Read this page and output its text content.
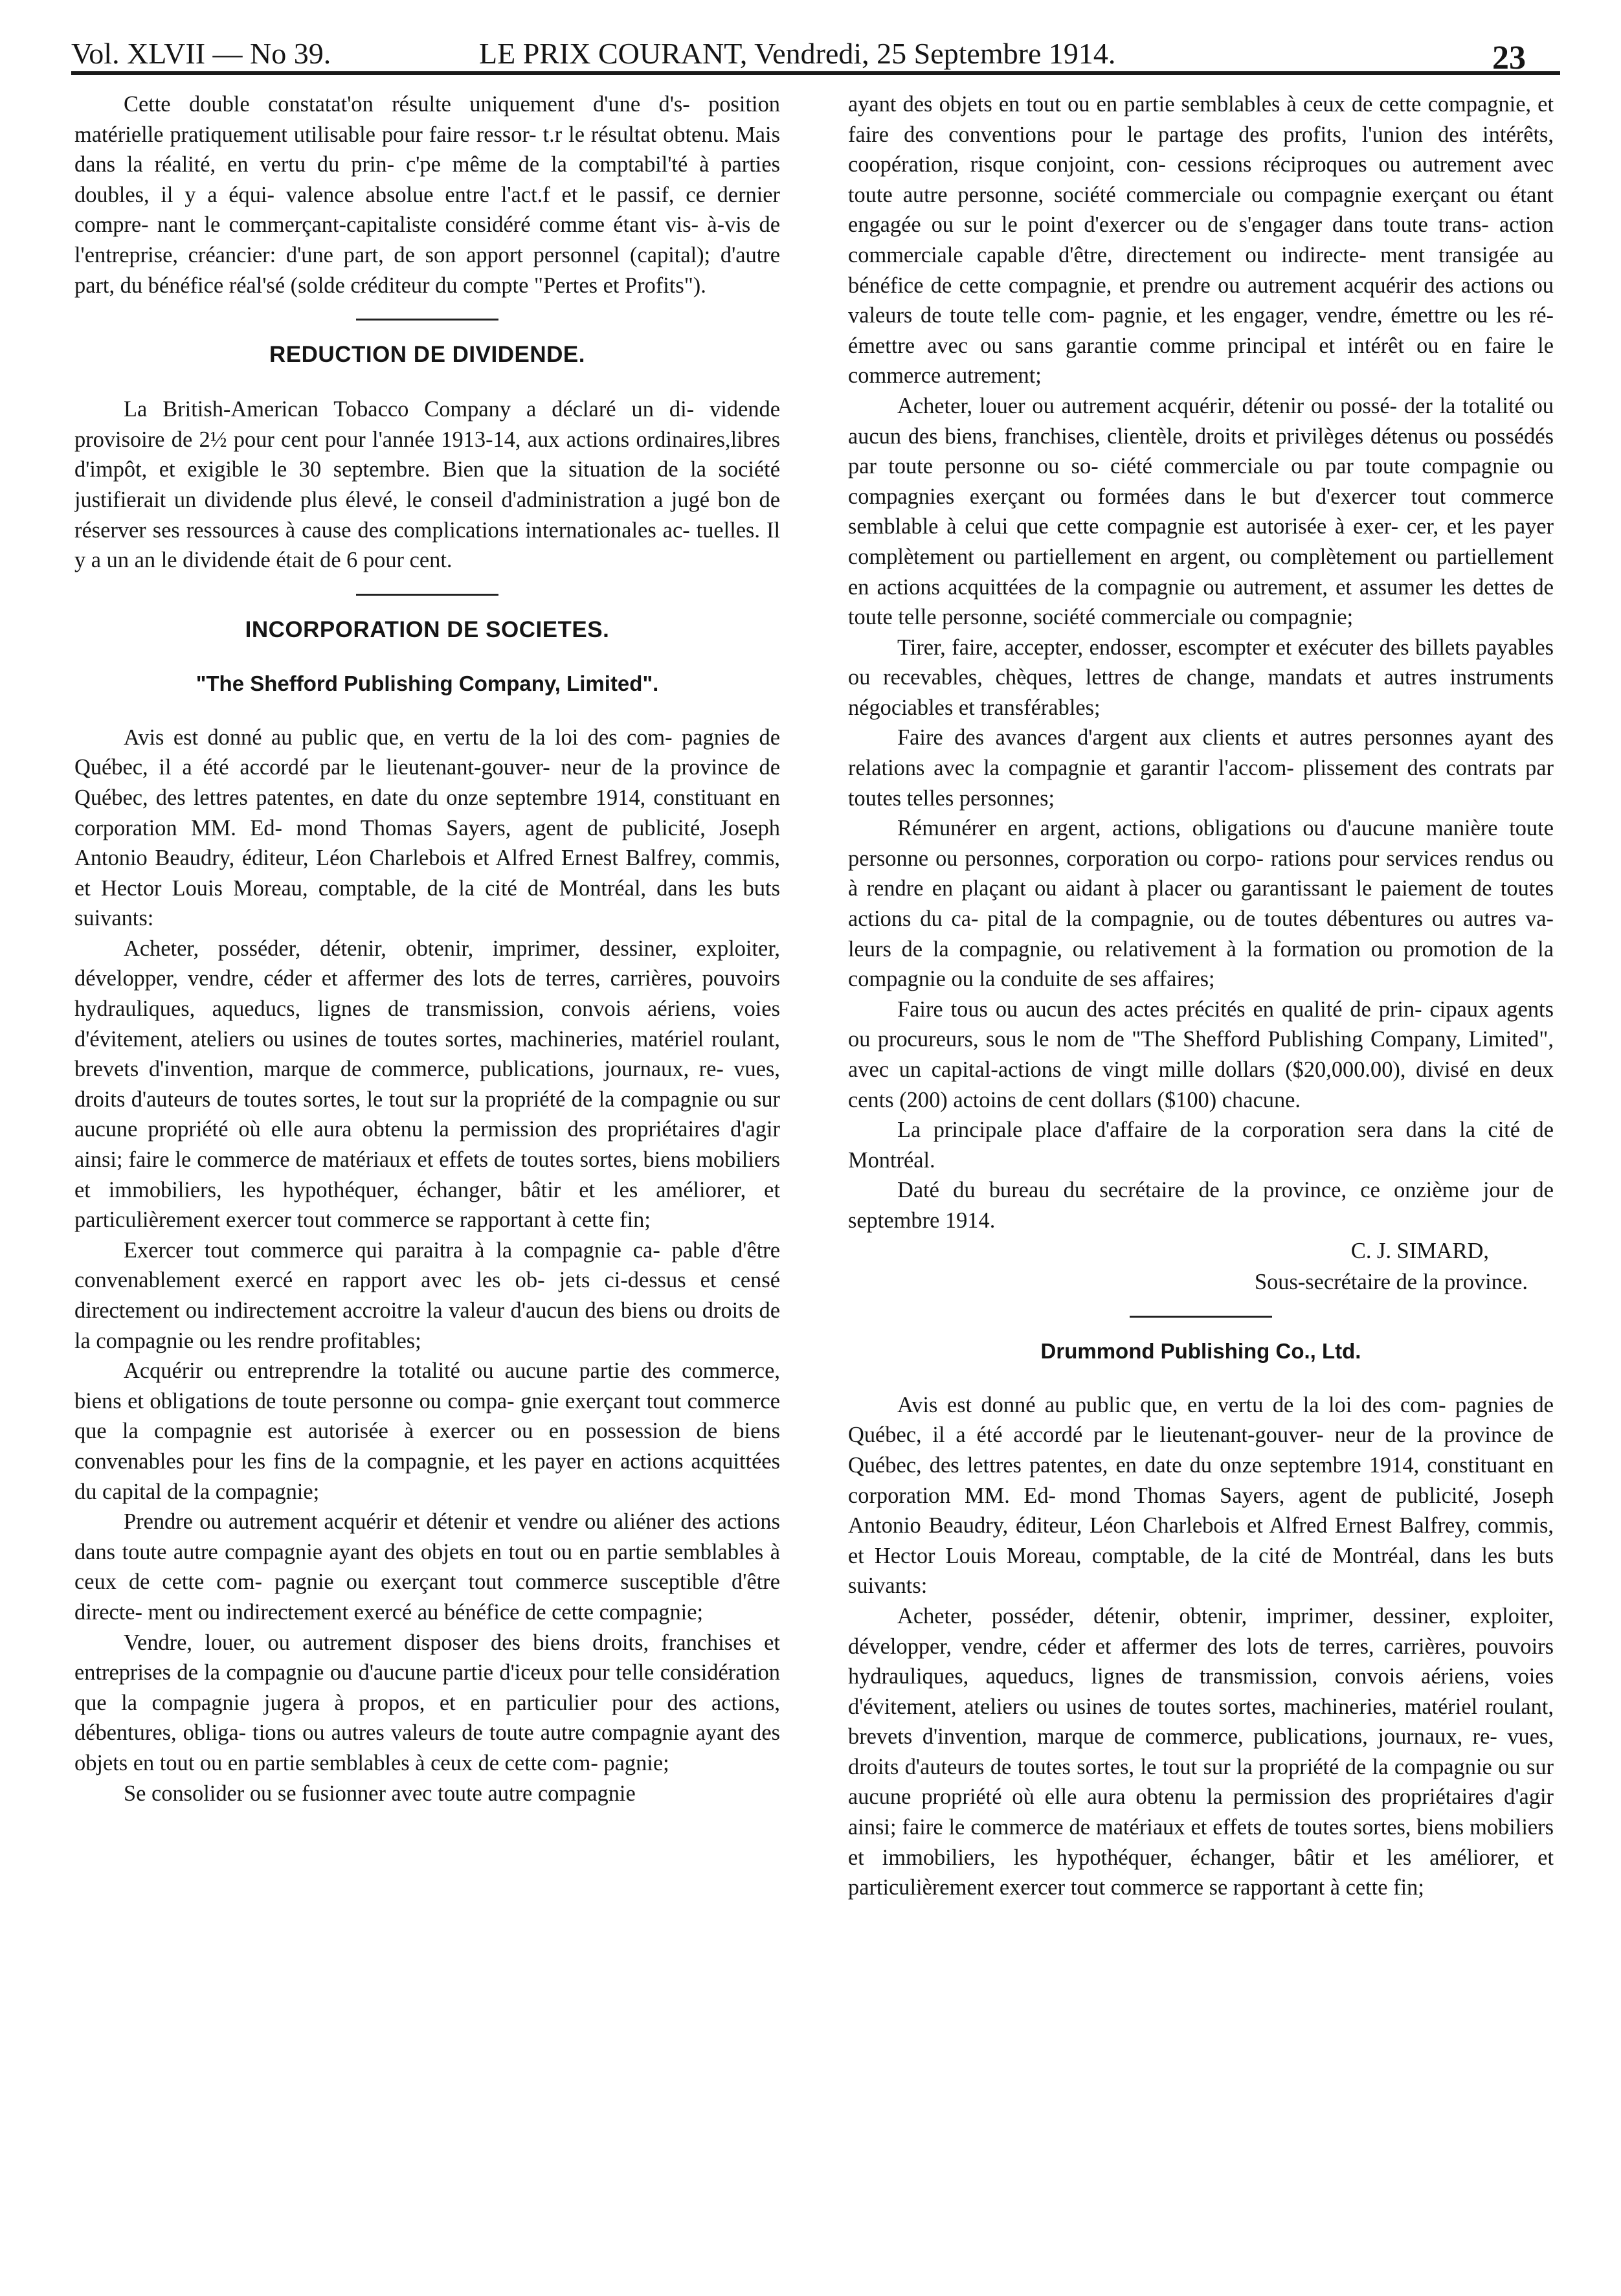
Vol. XLVII — No 39.	LE PRIX COURANT, Vendredi, 25 Septembre 1914.	23

Cette double constatat'on résulte uniquement d'une d's- position matérielle pratiquement utilisable pour faire ressor- t.r le résultat obtenu. Mais dans la réalité, en vertu du prin- c'pe même de la comptabil'té à parties doubles, il y a équi- valence absolue entre l'act.f et le passif, ce dernier compre- nant le commerçant-capitaliste considéré comme étant vis- à-vis de l'entreprise, créancier: d'une part, de son apport personnel (capital); d'autre part, du bénéfice réal'sé (solde créditeur du compte "Pertes et Profits").

REDUCTION DE DIVIDENDE.

La British-American Tobacco Company a déclaré un di- vidende provisoire de 2½ pour cent pour l'année 1913-14, aux actions ordinaires,libres d'impôt, et exigible le 30 septembre. Bien que la situation de la société justifierait un dividende plus élevé, le conseil d'administration a jugé bon de réserver ses ressources à cause des complications internationales ac- tuelles. Il y a un an le dividende était de 6 pour cent.

INCORPORATION DE SOCIETES.
"The Shefford Publishing Company, Limited".

Avis est donné au public que, en vertu de la loi des com- pagnies de Québec, il a été accordé par le lieutenant-gouver- neur de la province de Québec, des lettres patentes, en date du onze septembre 1914, constituant en corporation MM. Ed- mond Thomas Sayers, agent de publicité, Joseph Antonio Beaudry, éditeur, Léon Charlebois et Alfred Ernest Balfrey, commis, et Hector Louis Moreau, comptable, de la cité de Montréal, dans les buts suivants:

Acheter, posséder, détenir, obtenir, imprimer, dessiner, exploiter, développer, vendre, céder et affermer des lots de terres, carrières, pouvoirs hydrauliques, aqueducs, lignes de transmission, convois aériens, voies d'évitement, ateliers ou usines de toutes sortes, machineries, matériel roulant, brevets d'invention, marque de commerce, publications, journaux, re- vues, droits d'auteurs de toutes sortes, le tout sur la propriété de la compagnie ou sur aucune propriété où elle aura obtenu la permission des propriétaires d'agir ainsi; faire le commerce de matériaux et effets de toutes sortes, biens mobiliers et immobiliers, les hypothéquer, échanger, bâtir et les améliorer, et particulièrement exercer tout commerce se rapportant à cette fin;

Exercer tout commerce qui paraitra à la compagnie ca- pable d'être convenablement exercé en rapport avec les ob- jets ci-dessus et censé directement ou indirectement accroitre la valeur d'aucun des biens ou droits de la compagnie ou les rendre profitables;

Acquérir ou entreprendre la totalité ou aucune partie des commerce, biens et obligations de toute personne ou compa- gnie exerçant tout commerce que la compagnie est autorisée à exercer ou en possession de biens convenables pour les fins de la compagnie, et les payer en actions acquittées du capital de la compagnie;

Prendre ou autrement acquérir et détenir et vendre ou aliéner des actions dans toute autre compagnie ayant des objets en tout ou en partie semblables à ceux de cette com- pagnie ou exerçant tout commerce susceptible d'être directe- ment ou indirectement exercé au bénéfice de cette compagnie;

Vendre, louer, ou autrement disposer des biens droits, franchises et entreprises de la compagnie ou d'aucune partie d'iceux pour telle considération que la compagnie jugera à propos, et en particulier pour des actions, débentures, obliga- tions ou autres valeurs de toute autre compagnie ayant des objets en tout ou en partie semblables à ceux de cette com- pagnie;

Se consolider ou se fusionner avec toute autre compagnie

ayant des objets en tout ou en partie semblables à ceux de cette compagnie, et faire des conventions pour le partage des profits, l'union des intérêts, coopération, risque conjoint, con- cessions réciproques ou autrement avec toute autre personne, société commerciale ou compagnie exerçant ou étant engagée ou sur le point d'exercer ou de s'engager dans toute trans- action commerciale capable d'être, directement ou indirecte- ment transigée au bénéfice de cette compagnie, et prendre ou autrement acquérir des actions ou valeurs de toute telle com- pagnie, et les engager, vendre, émettre ou les ré-émettre avec ou sans garantie comme principal et intérêt ou en faire le commerce autrement;

Acheter, louer ou autrement acquérir, détenir ou possé- der la totalité ou aucun des biens, franchises, clientèle, droits et privilèges détenus ou possédés par toute personne ou so- ciété commerciale ou par toute compagnie ou compagnies exerçant ou formées dans le but d'exercer tout commerce semblable à celui que cette compagnie est autorisée à exer- cer, et les payer complètement ou partiellement en argent, ou complètement ou partiellement en actions acquittées de la compagnie ou autrement, et assumer les dettes de toute telle personne, société commerciale ou compagnie;

Tirer, faire, accepter, endosser, escompter et exécuter des billets payables ou recevables, chèques, lettres de change, mandats et autres instruments négociables et transférables;

Faire des avances d'argent aux clients et autres personnes ayant des relations avec la compagnie et garantir l'accom- plissement des contrats par toutes telles personnes;

Rémunérer en argent, actions, obligations ou d'aucune manière toute personne ou personnes, corporation ou corpo- rations pour services rendus ou à rendre en plaçant ou aidant à placer ou garantissant le paiement de toutes actions du ca- pital de la compagnie, ou de toutes débentures ou autres va- leurs de la compagnie, ou relativement à la formation ou promotion de la compagnie ou la conduite de ses affaires;

Faire tous ou aucun des actes précités en qualité de prin- cipaux agents ou procureurs, sous le nom de "The Shefford Publishing Company, Limited", avec un capital-actions de vingt mille dollars ($20,000.00), divisé en deux cents (200) actoins de cent dollars ($100) chacune.

La principale place d'affaire de la corporation sera dans la cité de Montréal.

Daté du bureau du secrétaire de la province, ce onzième jour de septembre 1914.

C. J. SIMARD,
Sous-secrétaire de la province.
Drummond Publishing Co., Ltd.

Avis est donné au public que, en vertu de la loi des com- pagnies de Québec, il a été accordé par le lieutenant-gouver- neur de la province de Québec, des lettres patentes, en date du onze septembre 1914, constituant en corporation MM. Ed- mond Thomas Sayers, agent de publicité, Joseph Antonio Beaudry, éditeur, Léon Charlebois et Alfred Ernest Balfrey, commis, et Hector Louis Moreau, comptable, de la cité de Montréal, dans les buts suivants:

Acheter, posséder, détenir, obtenir, imprimer, dessiner, exploiter, développer, vendre, céder et affermer des lots de terres, carrières, pouvoirs hydrauliques, aqueducs, lignes de transmission, convois aériens, voies d'évitement, ateliers ou usines de toutes sortes, machineries, matériel roulant, brevets d'invention, marque de commerce, publications, journaux, re- vues, droits d'auteurs de toutes sortes, le tout sur la propriété de la compagnie ou sur aucune propriété où elle aura obtenu la permission des propriétaires d'agir ainsi; faire le commerce de matériaux et effets de toutes sortes, biens mobiliers et immobiliers, les hypothéquer, échanger, bâtir et les améliorer, et particulièrement exercer tout commerce se rapportant à cette fin;
